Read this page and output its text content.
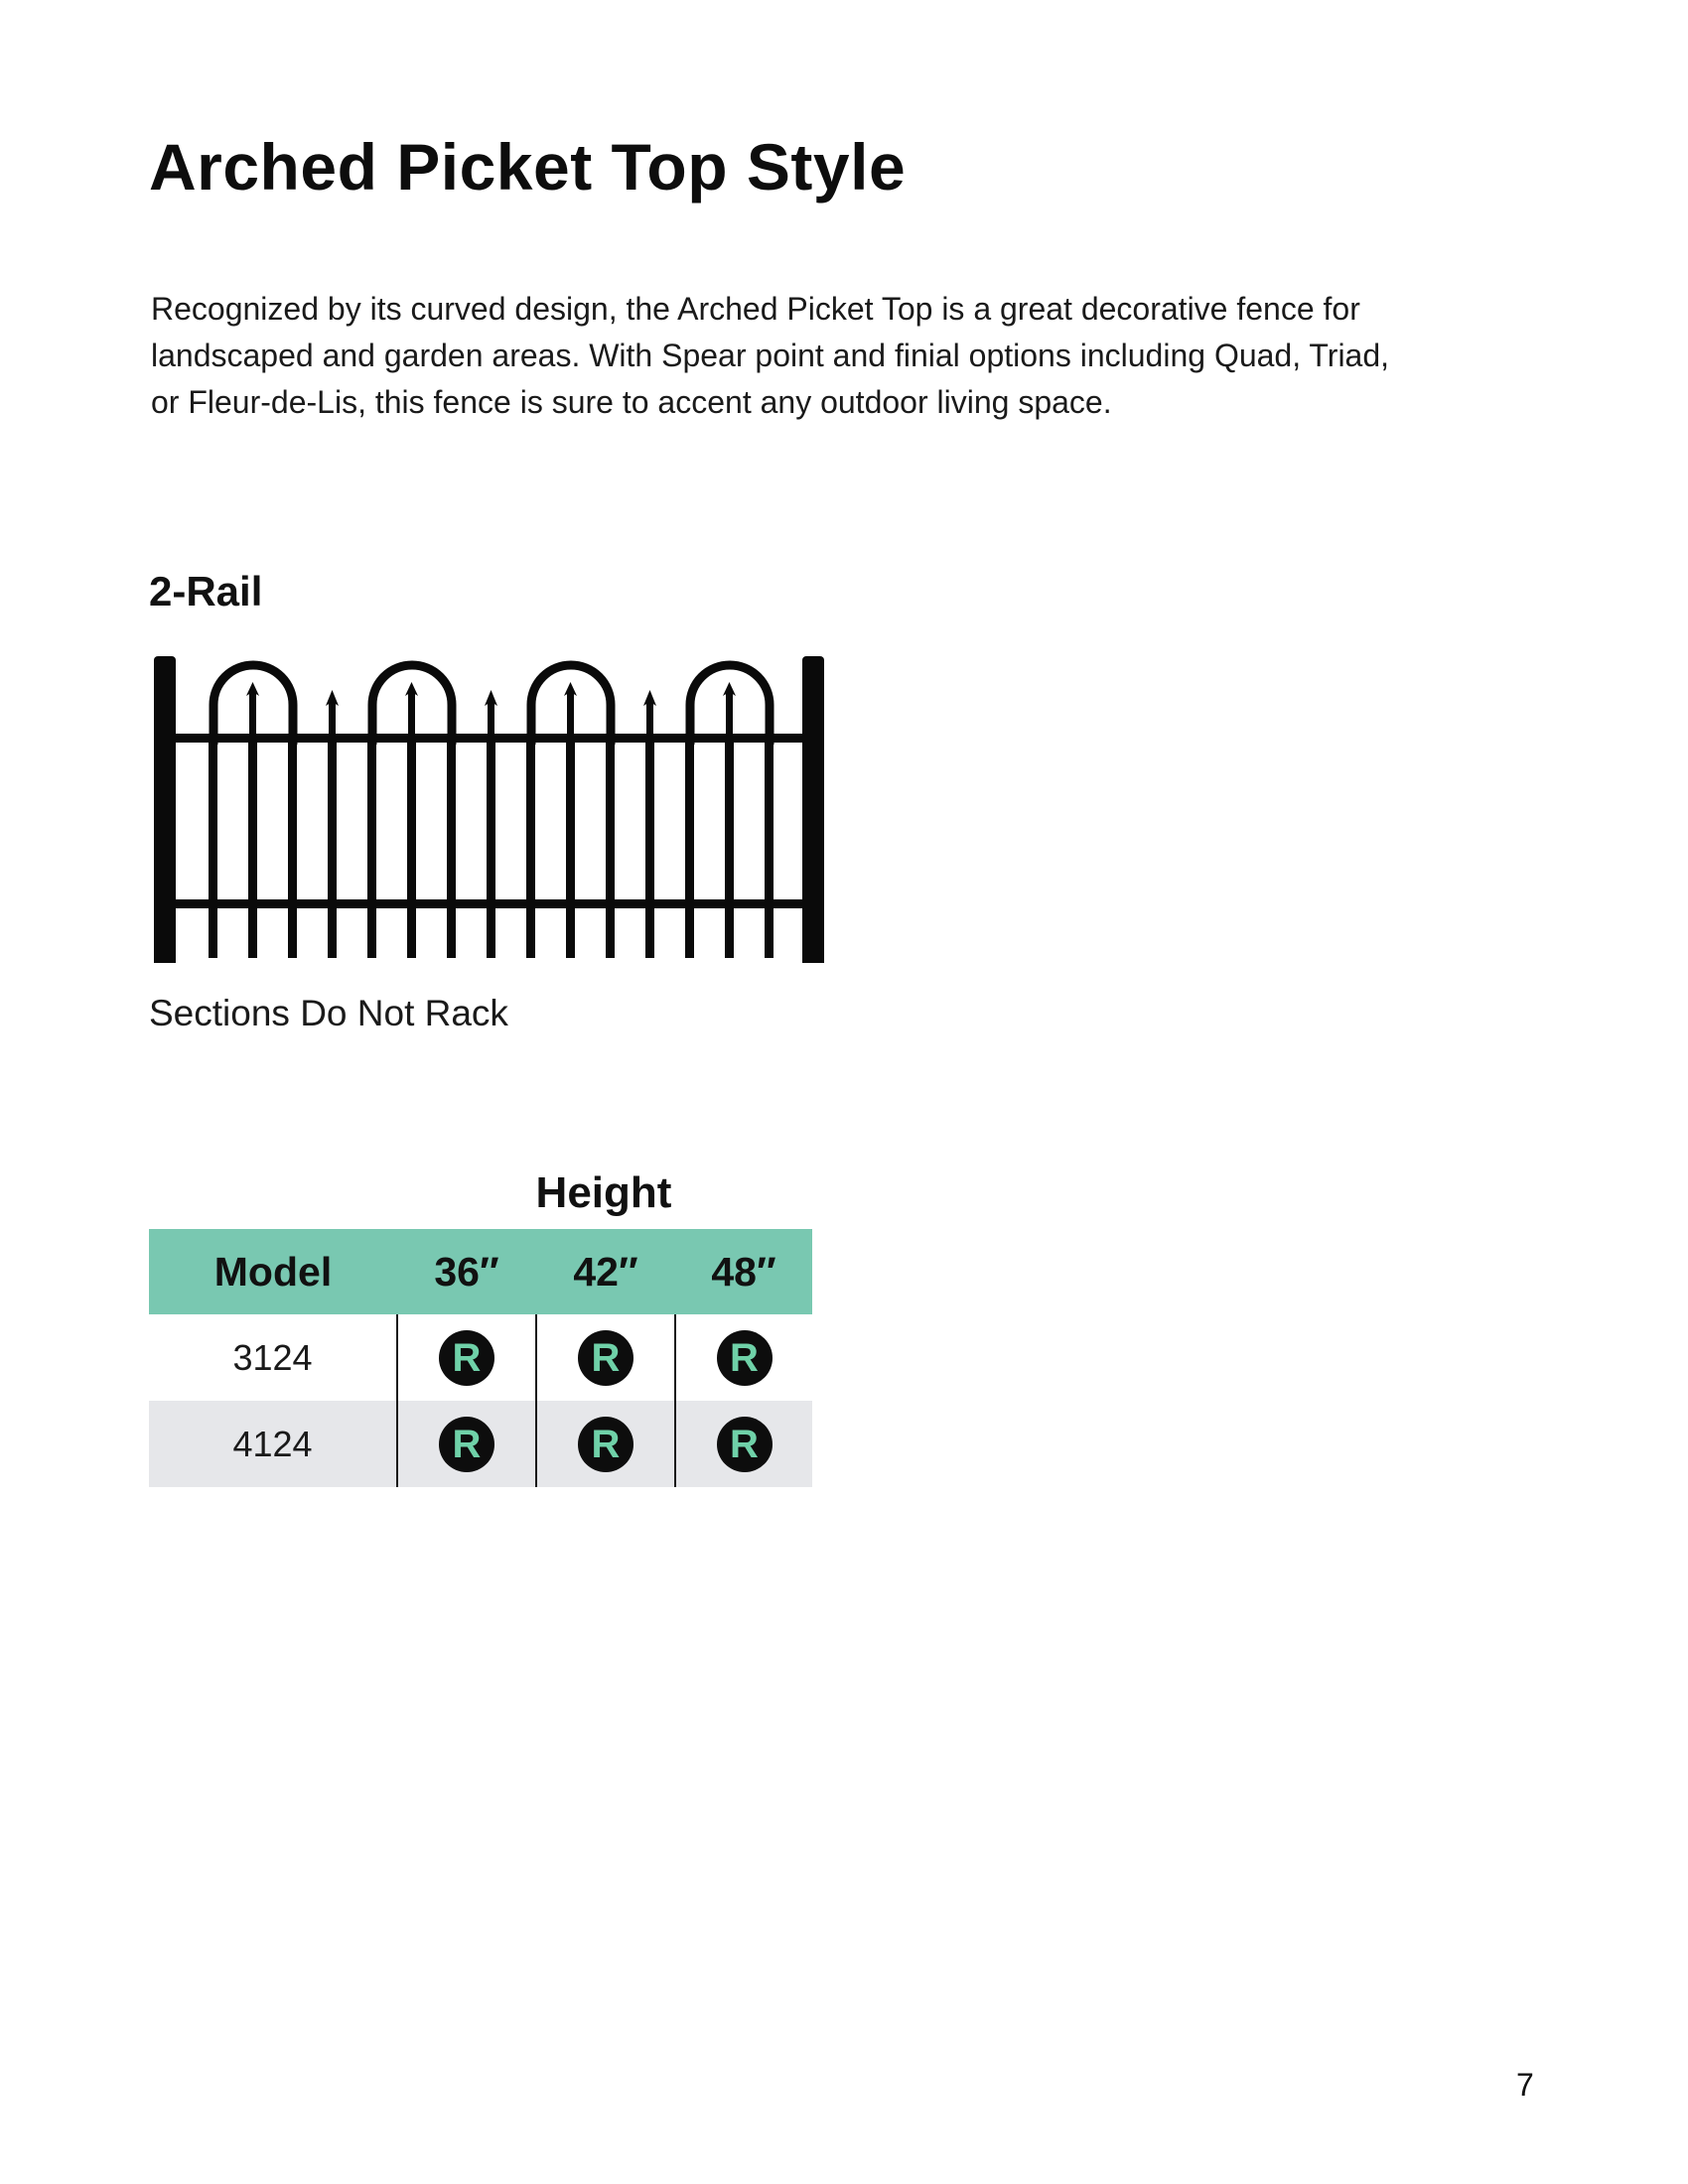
Arched Picket Top Style

Recognized by its curved design, the Arched Picket Top is a great decorative fence for landscaped and garden areas. With Spear point and finial options including Quad, Triad, or Fleur-de-Lis, this fence is sure to accent any outdoor living space.

2-Rail

Sections Do Not Rack

Height

Model	36″	42″	48″
3124	R	R	R
4124	R	R	R

7
